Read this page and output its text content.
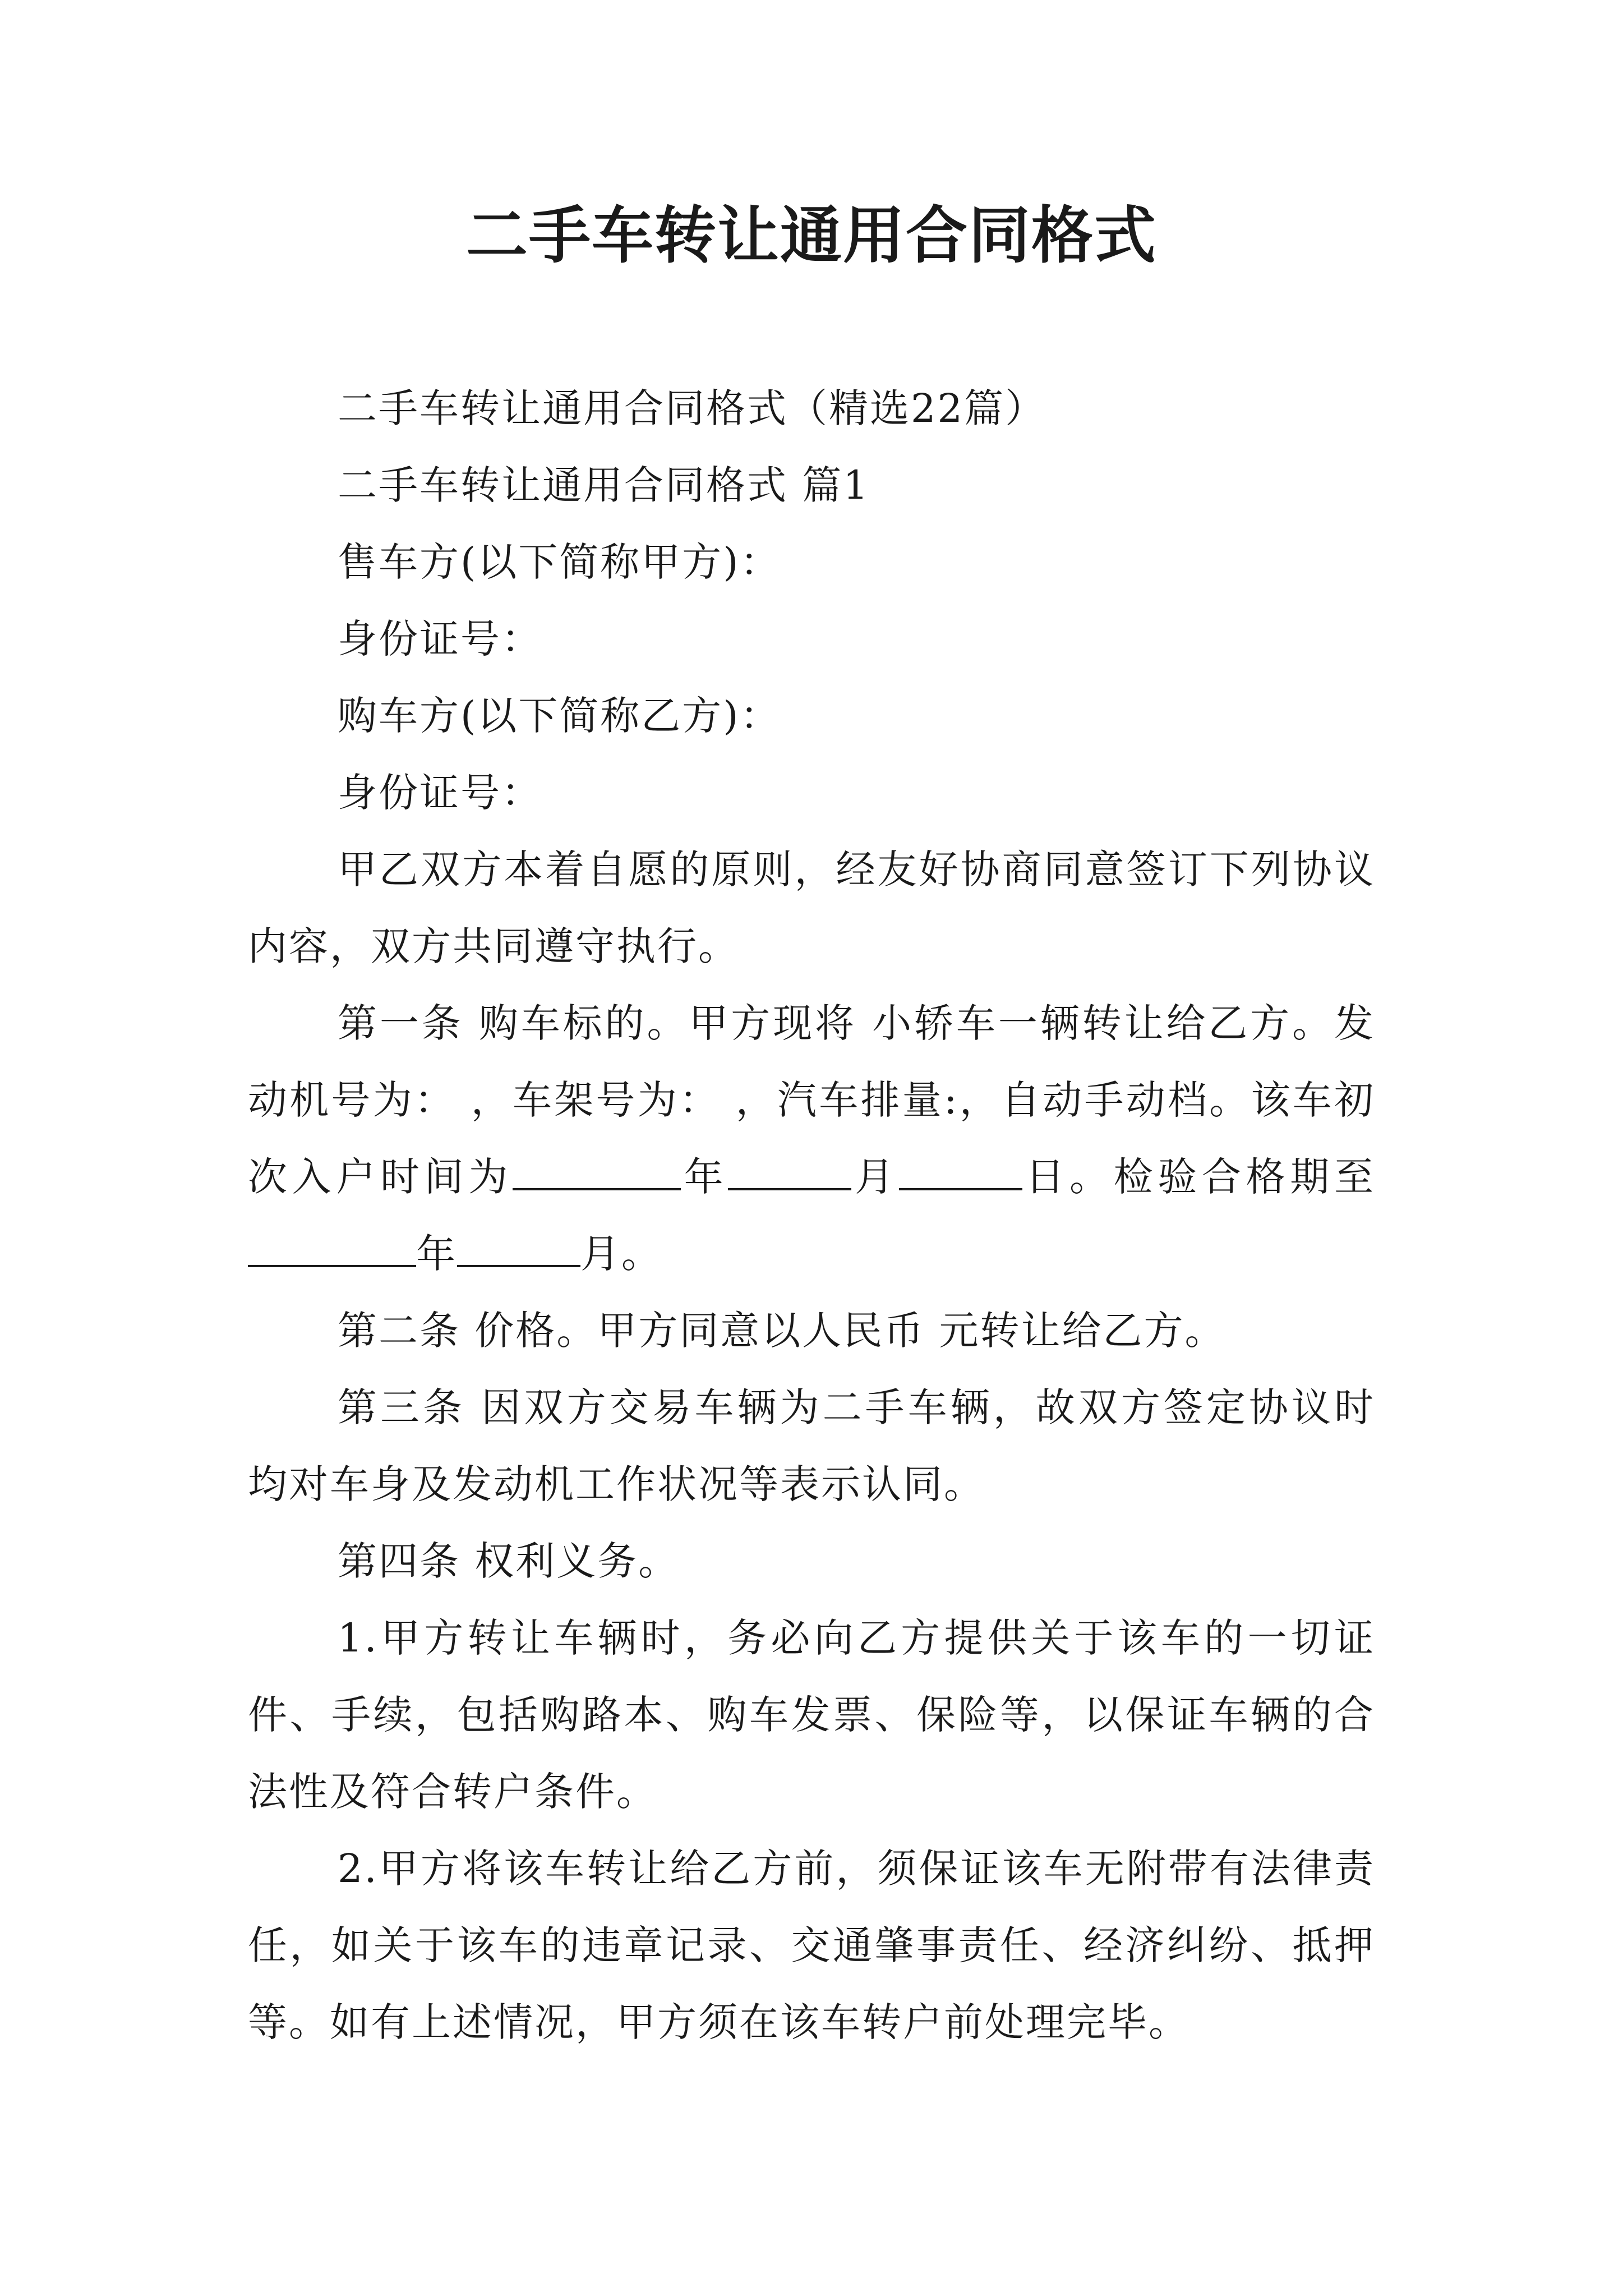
二手车转让通用合同格式

二手车转让通用合同格式（精选22篇）

二手车转让通用合同格式 篇1

售车方(以下简称甲方)：

身份证号：

购车方(以下简称乙方)：

身份证号：

甲乙双方本着自愿的原则，经友好协商同意签订下列协议内容，双方共同遵守执行。

第一条 购车标的。甲方现将 小轿车一辆转让给乙方。发动机号为： ，车架号为： ，汽车排量:，自动手动档。该车初次入户时间为	年	月	日。检验合格期至年	月。

第二条 价格。甲方同意以人民币 元转让给乙方。

第三条 因双方交易车辆为二手车辆，故双方签定协议时均对车身及发动机工作状况等表示认同。

第四条 权利义务。

1.甲方转让车辆时，务必向乙方提供关于该车的一切证件、手续，包括购路本、购车发票、保险等，以保证车辆的合法性及符合转户条件。

2.甲方将该车转让给乙方前，须保证该车无附带有法律责任，如关于该车的违章记录、交通肇事责任、经济纠纷、抵押等。如有上述情况，甲方须在该车转户前处理完毕。
